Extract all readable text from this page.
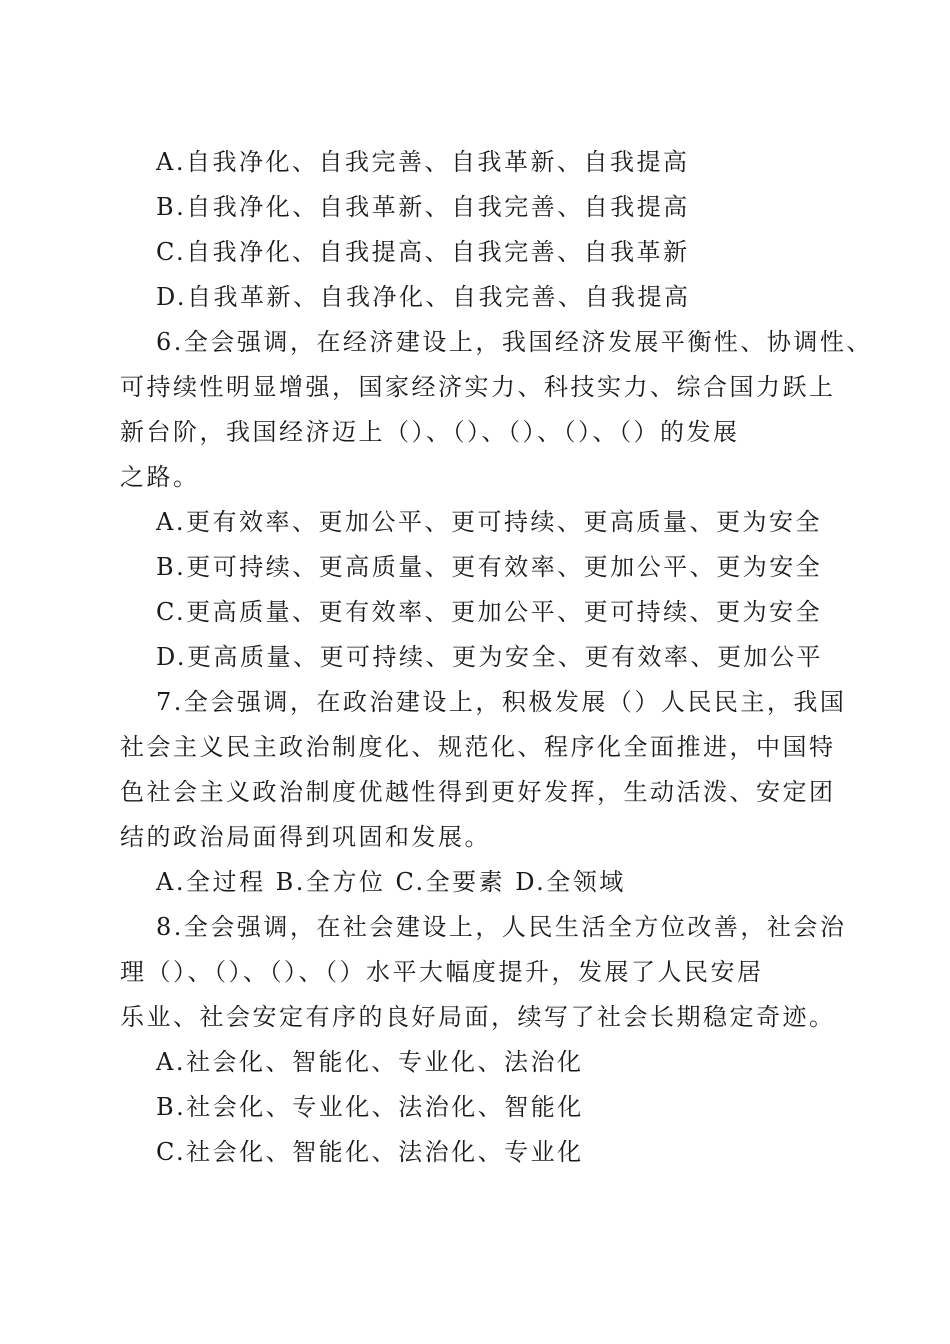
A.自我净化、自我完善、自我革新、自我提高
B.自我净化、自我革新、自我完善、自我提高
C.自我净化、自我提高、自我完善、自我革新
D.自我革新、自我净化、自我完善、自我提高
6.全会强调，在经济建设上，我国经济发展平衡性、协调性、
可持续性明显增强，国家经济实力、科技实力、综合国力跃上
新台阶，我国经济迈上（）、（）、（）、（）、（）的发展
之路。
A.更有效率、更加公平、更可持续、更高质量、更为安全
B.更可持续、更高质量、更有效率、更加公平、更为安全
C.更高质量、更有效率、更加公平、更可持续、更为安全
D.更高质量、更可持续、更为安全、更有效率、更加公平
7.全会强调，在政治建设上，积极发展（）人民民主，我国
社会主义民主政治制度化、规范化、程序化全面推进，中国特
色社会主义政治制度优越性得到更好发挥，生动活泼、安定团
结的政治局面得到巩固和发展。
A.全过程 B.全方位 C.全要素 D.全领域
8.全会强调，在社会建设上，人民生活全方位改善，社会治
理（）、（）、（）、（）水平大幅度提升，发展了人民安居
乐业、社会安定有序的良好局面，续写了社会长期稳定奇迹。
A.社会化、智能化、专业化、法治化
B.社会化、专业化、法治化、智能化
C.社会化、智能化、法治化、专业化
